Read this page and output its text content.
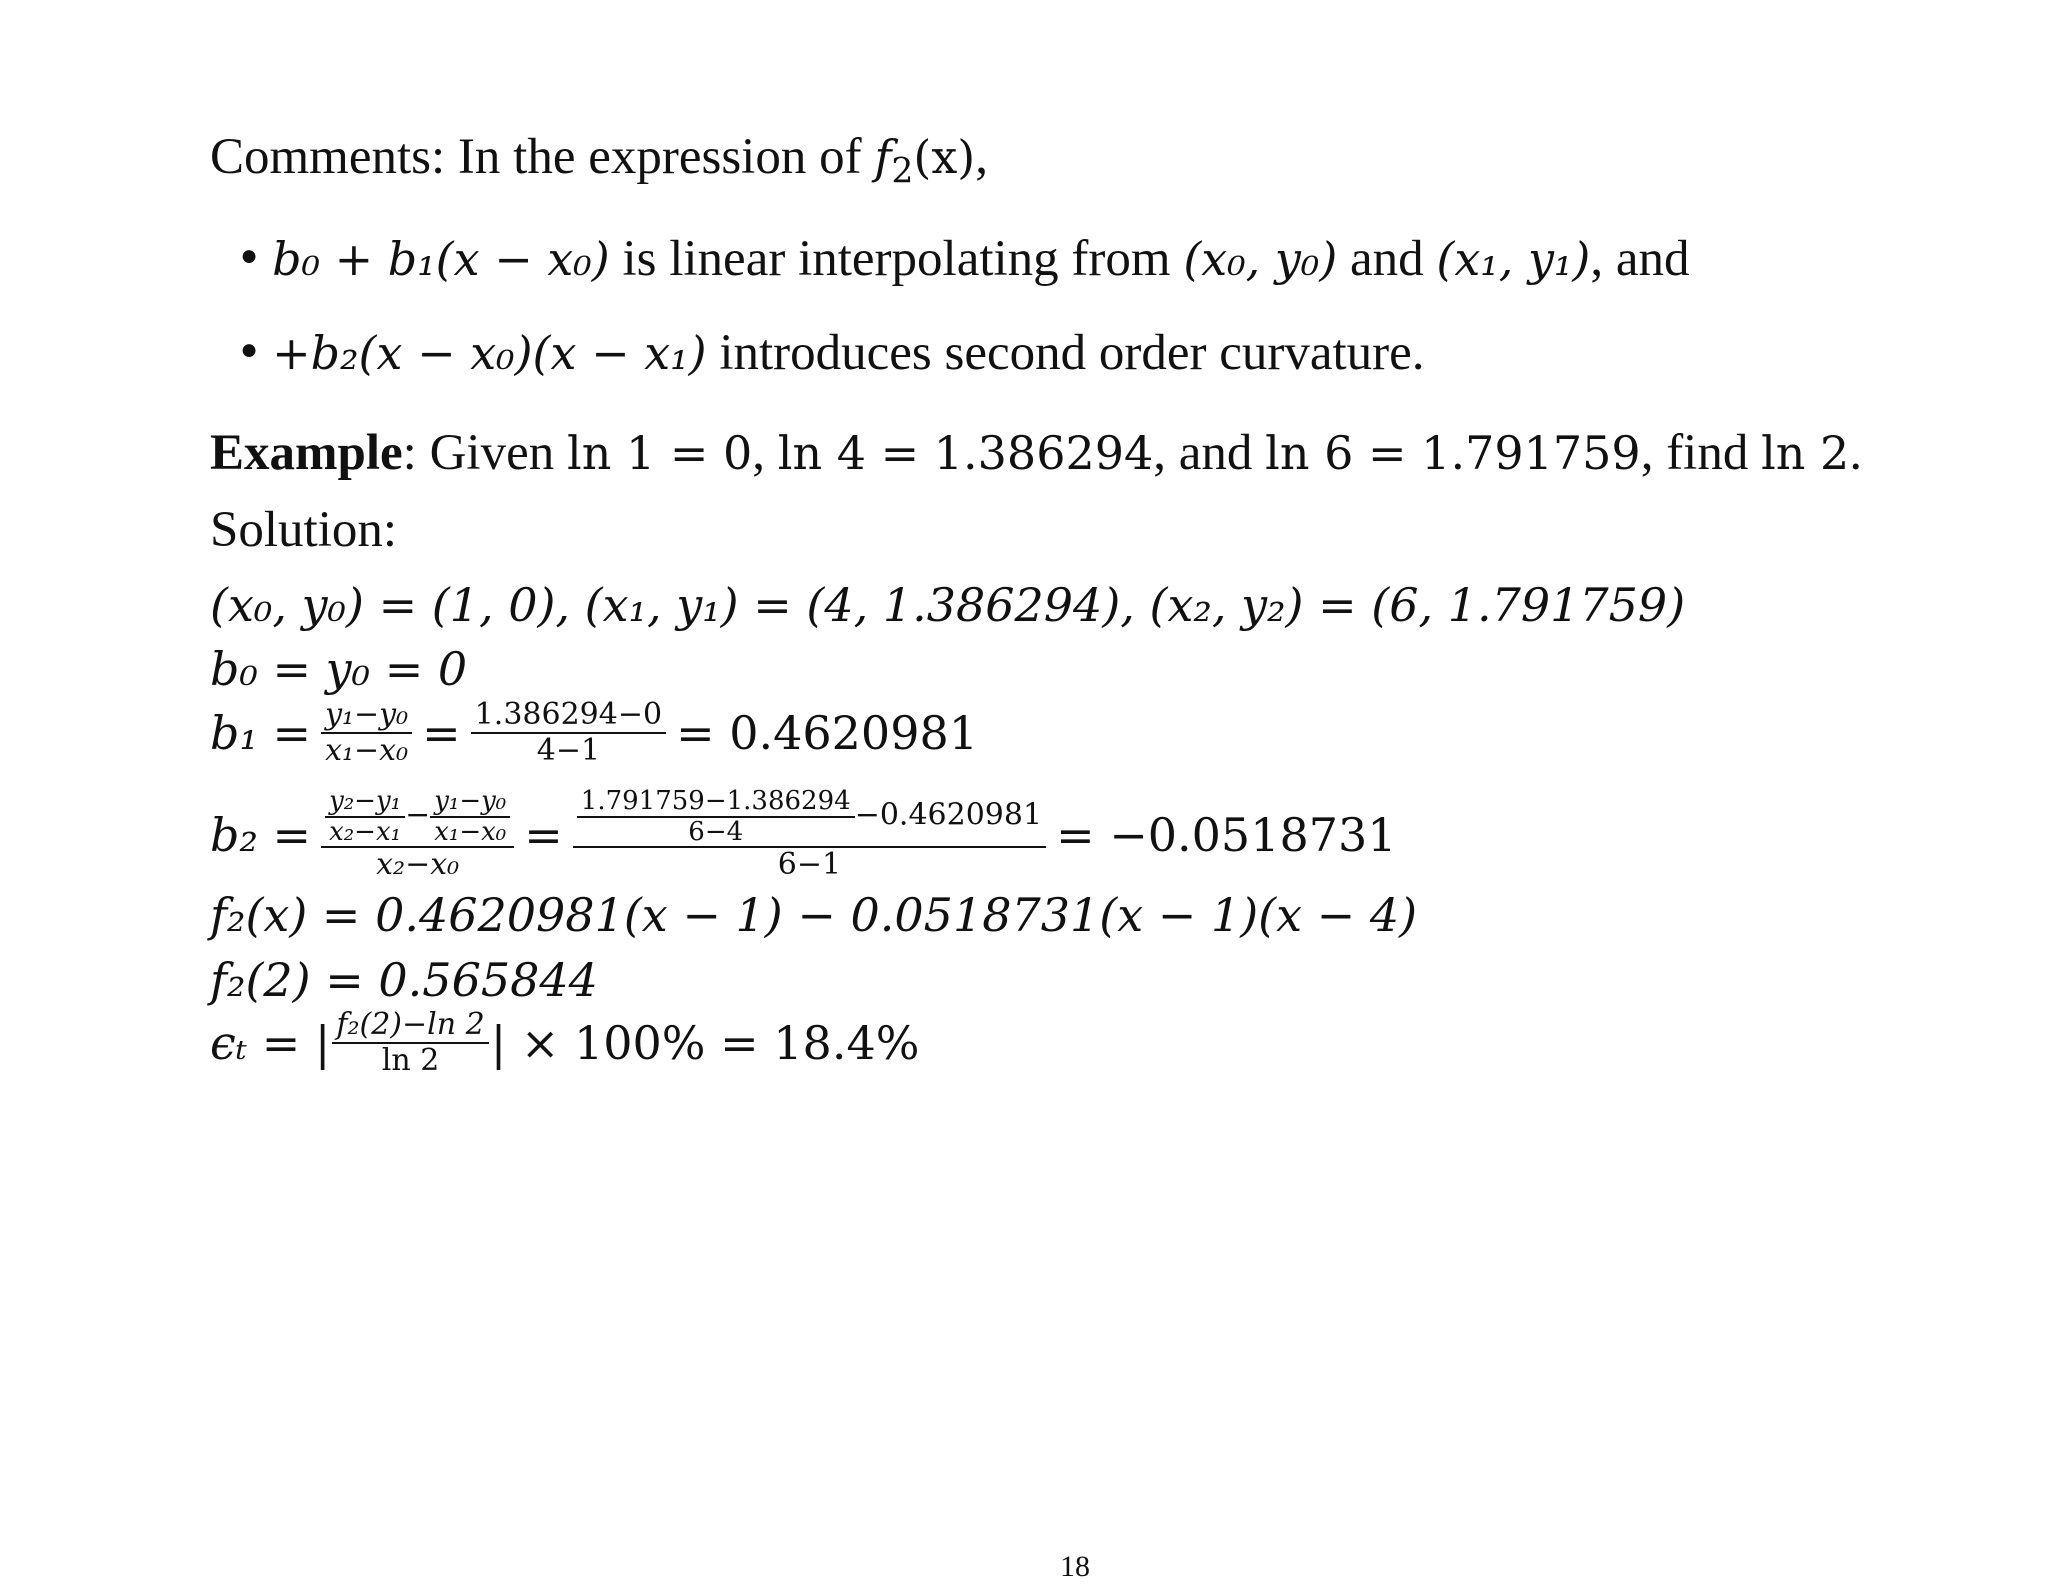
Comments: In the expression of $f_2(x)$,
● b₀ + b₁(x − x₀) is linear interpolating from (x₀, y₀) and (x₁, y₁), and
● +b₂(x − x₀)(x − x₁) introduces second order curvature.
Example: Given ln 1 = 0, ln 4 = 1.386294, and ln 6 = 1.791759, find ln 2.
Solution:
(x₀, y₀) = (1, 0), (x₁, y₁) = (4, 1.386294), (x₂, y₂) = (6, 1.791759)
b₀ = y₀ = 0
$b_1 = \frac{\text{y₁−y₀}}{\text{x₁−x₀}} = \frac{1.386294-0}{4-1} = 0.4620981$
$b_2 = \frac{\frac{\text{y₂−y₁}}{\text{x₂−x₁}} - \frac{\text{y₁−y₀}}{\text{x₁−x₀}}}{\text{x₂−x₀}} = \frac{\frac{1.791759-1.386294}{6-4} -0.4620981}{6-1} = -0.0518731$
f₂(x) = 0.4620981(x − 1) − 0.0518731(x − 1)(x − 4)
f₂(2) = 0.565844
ϵₜ = | $\frac{\text{f₂(2)−ln 2}}{\ln 2}$ | × 100% = 18.4%
18
